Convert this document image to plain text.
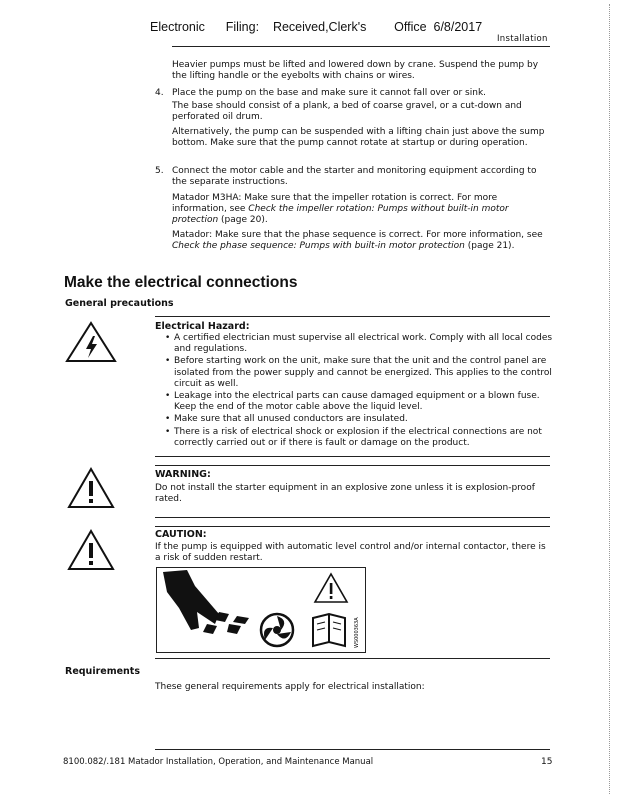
Electronic      Filing:    Received,Clerk's        Office  6/8/2017
Installation
Heavier pumps must be lifted and lowered down by crane. Suspend the pump by the lifting handle or the eyebolts with chains or wires.
4. Place the pump on the base and make sure it cannot fall over or sink.
The base should consist of a plank, a bed of coarse gravel, or a cut-down and perforated oil drum.
Alternatively, the pump can be suspended with a lifting chain just above the sump bottom. Make sure that the pump cannot rotate at startup or during operation.
5. Connect the motor cable and the starter and monitoring equipment according to the separate instructions.
Matador M3HA: Make sure that the impeller rotation is correct. For more information, see Check the impeller rotation: Pumps without built-in motor protection (page 20).
Matador: Make sure that the phase sequence is correct. For more information, see Check the phase sequence: Pumps with built-in motor protection (page 21).
Make the electrical connections
General precautions
Electrical Hazard:
• A certified electrician must supervise all electrical work. Comply with all local codes and regulations.
• Before starting work on the unit, make sure that the unit and the control panel are isolated from the power supply and cannot be energized. This applies to the control circuit as well.
• Leakage into the electrical parts can cause damaged equipment or a blown fuse. Keep the end of the motor cable above the liquid level.
• Make sure that all unused conductors are insulated.
• There is a risk of electrical shock or explosion if the electrical connections are not correctly carried out or if there is fault or damage on the product.
WARNING:
Do not install the starter equipment in an explosive zone unless it is explosion-proof rated.
CAUTION:
If the pump is equipped with automatic level control and/or internal contactor, there is a risk of sudden restart.
WS000363A
Requirements
These general requirements apply for electrical installation:
8100.082/.181 Matador Installation, Operation, and Maintenance Manual	15
